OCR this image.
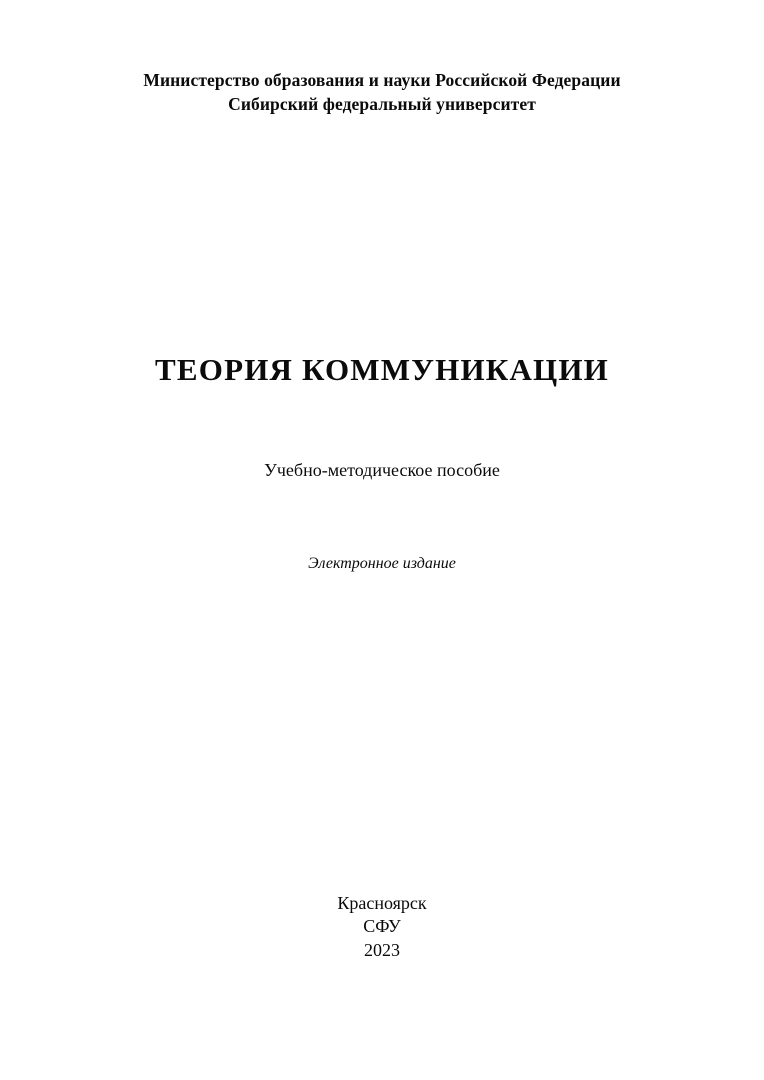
Министерство образования и науки Российской Федерации
Сибирский федеральный университет
ТЕОРИЯ КОММУНИКАЦИИ
Учебно-методическое пособие
Электронное издание
Красноярск
СФУ
2023
